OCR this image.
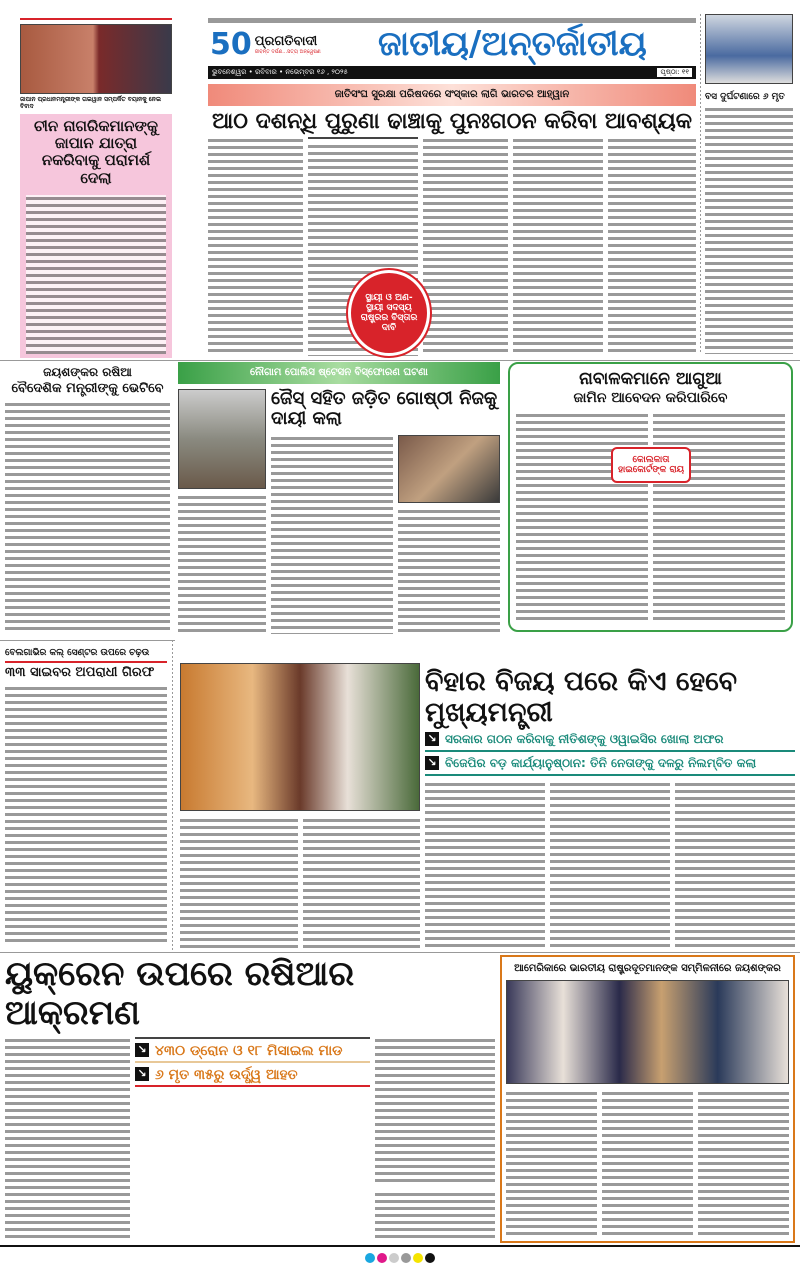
ଜାପାନ ପ୍ରଧାନମନ୍ତ୍ରୀଙ୍କ ତାଇୱାନ ସମ୍ପର୍କିତ ବୟାନକୁ ନେଇ ବିବାଦ
ଚୀନ ନାଗରିକମାନଙ୍କୁ ଜାପାନ ଯାତ୍ରା ନକରିବାକୁ ପରାମର୍ଶ ଦେଲା
ବସ ଦୁର୍ଘଟଣାରେ ୬ ମୃତ
50 ପ୍ରଗତିବାଦୀ
ଜୀବନ୍ତ ଦର୍ପଣ...ସତ୍ୟ ଅନ୍ୱେଷଣ	ଜାତୀୟ/ଅନ୍ତର୍ଜାତୀୟ
ଭୁବନେଶ୍ୱର • ରବିବାର • ନଭେମ୍ବର ୧୬ , ୨୦୨୫	ପୃଷ୍ଠା: ୧୧
ଜାତିସଂଘ ସୁରକ୍ଷା ପରିଷଦରେ ସଂସ୍କାର ଲାଗି ଭାରତର ଆହ୍ୱାନ
ଆଠ ଦଶନ୍ଧି ପୁରୁଣା ଢାଞ୍ଚାକୁ ପୁନଃଗଠନ କରିବା ଆବଶ୍ୟକ
ସ୍ଥାୟୀ ଓ ଅଣ-ସ୍ଥାୟୀ ସଦସ୍ୟ ରାଷ୍ଟ୍ରର ବିସ୍ତାର ଦାବି
ଜୟଶଙ୍କର ରଷିଆ
ବୈଦେଶିକ ମନ୍ତ୍ରୀଙ୍କୁ ଭେଟିବେ
ନୌଗାମ ପୋଲିସ ଷ୍ଟେସନ ବିସ୍ଫୋରଣ ଘଟଣା
ଜୈସ୍ ସହିତ ଜଡ଼ିତ ଗୋଷ୍ଠୀ ନିଜକୁ ଦାୟୀ କଲା
ନାବାଳକମାନେ ଆଗୁଆ
ଜାମିନ ଆବେଦନ କରିପାରିବେ
କୋଲକାତା ହାଇକୋର୍ଟଙ୍କ ରାୟ
ବେଲଗାଭିର କଲ୍ ସେଣ୍ଟର ଉପରେ ଚଢ଼ଉ
୩୩ ସାଇବର ଅପରାଧୀ ଗିରଫ	ବିହାର ବିଜୟ ପରେ କିଏ ହେବେ ମୁଖ୍ୟମନ୍ତ୍ରୀ
↘ ସରକାର ଗଠନ କରିବାକୁ ନୀତିଶଙ୍କୁ ଓୱାଇସିର ଖୋଲା ଅଫର
↘ ବିଜେପିର ବଡ଼ କାର୍ଯ୍ୟାନୁଷ୍ଠାନ: ତିନି ନେତାଙ୍କୁ ଦଳରୁ ନିଲମ୍ବିତ କଲା
ୟୁକ୍ରେନ ଉପରେ ରଷିଆର ଆକ୍ରମଣ
↘ ୪୩୦ ଡ୍ରୋନ ଓ ୧୮ ମିସାଇଲ ମାଡ
↘ ୬ ମୃତ ୩୫ରୁ ଉର୍ଦ୍ଧ୍ୱ ଆହତ
ଆମେରିକାରେ ଭାରତୀୟ ରାଷ୍ଟ୍ରଦୂତମାନଙ୍କ ସମ୍ମିଳନୀରେ ଜୟଶଙ୍କର
